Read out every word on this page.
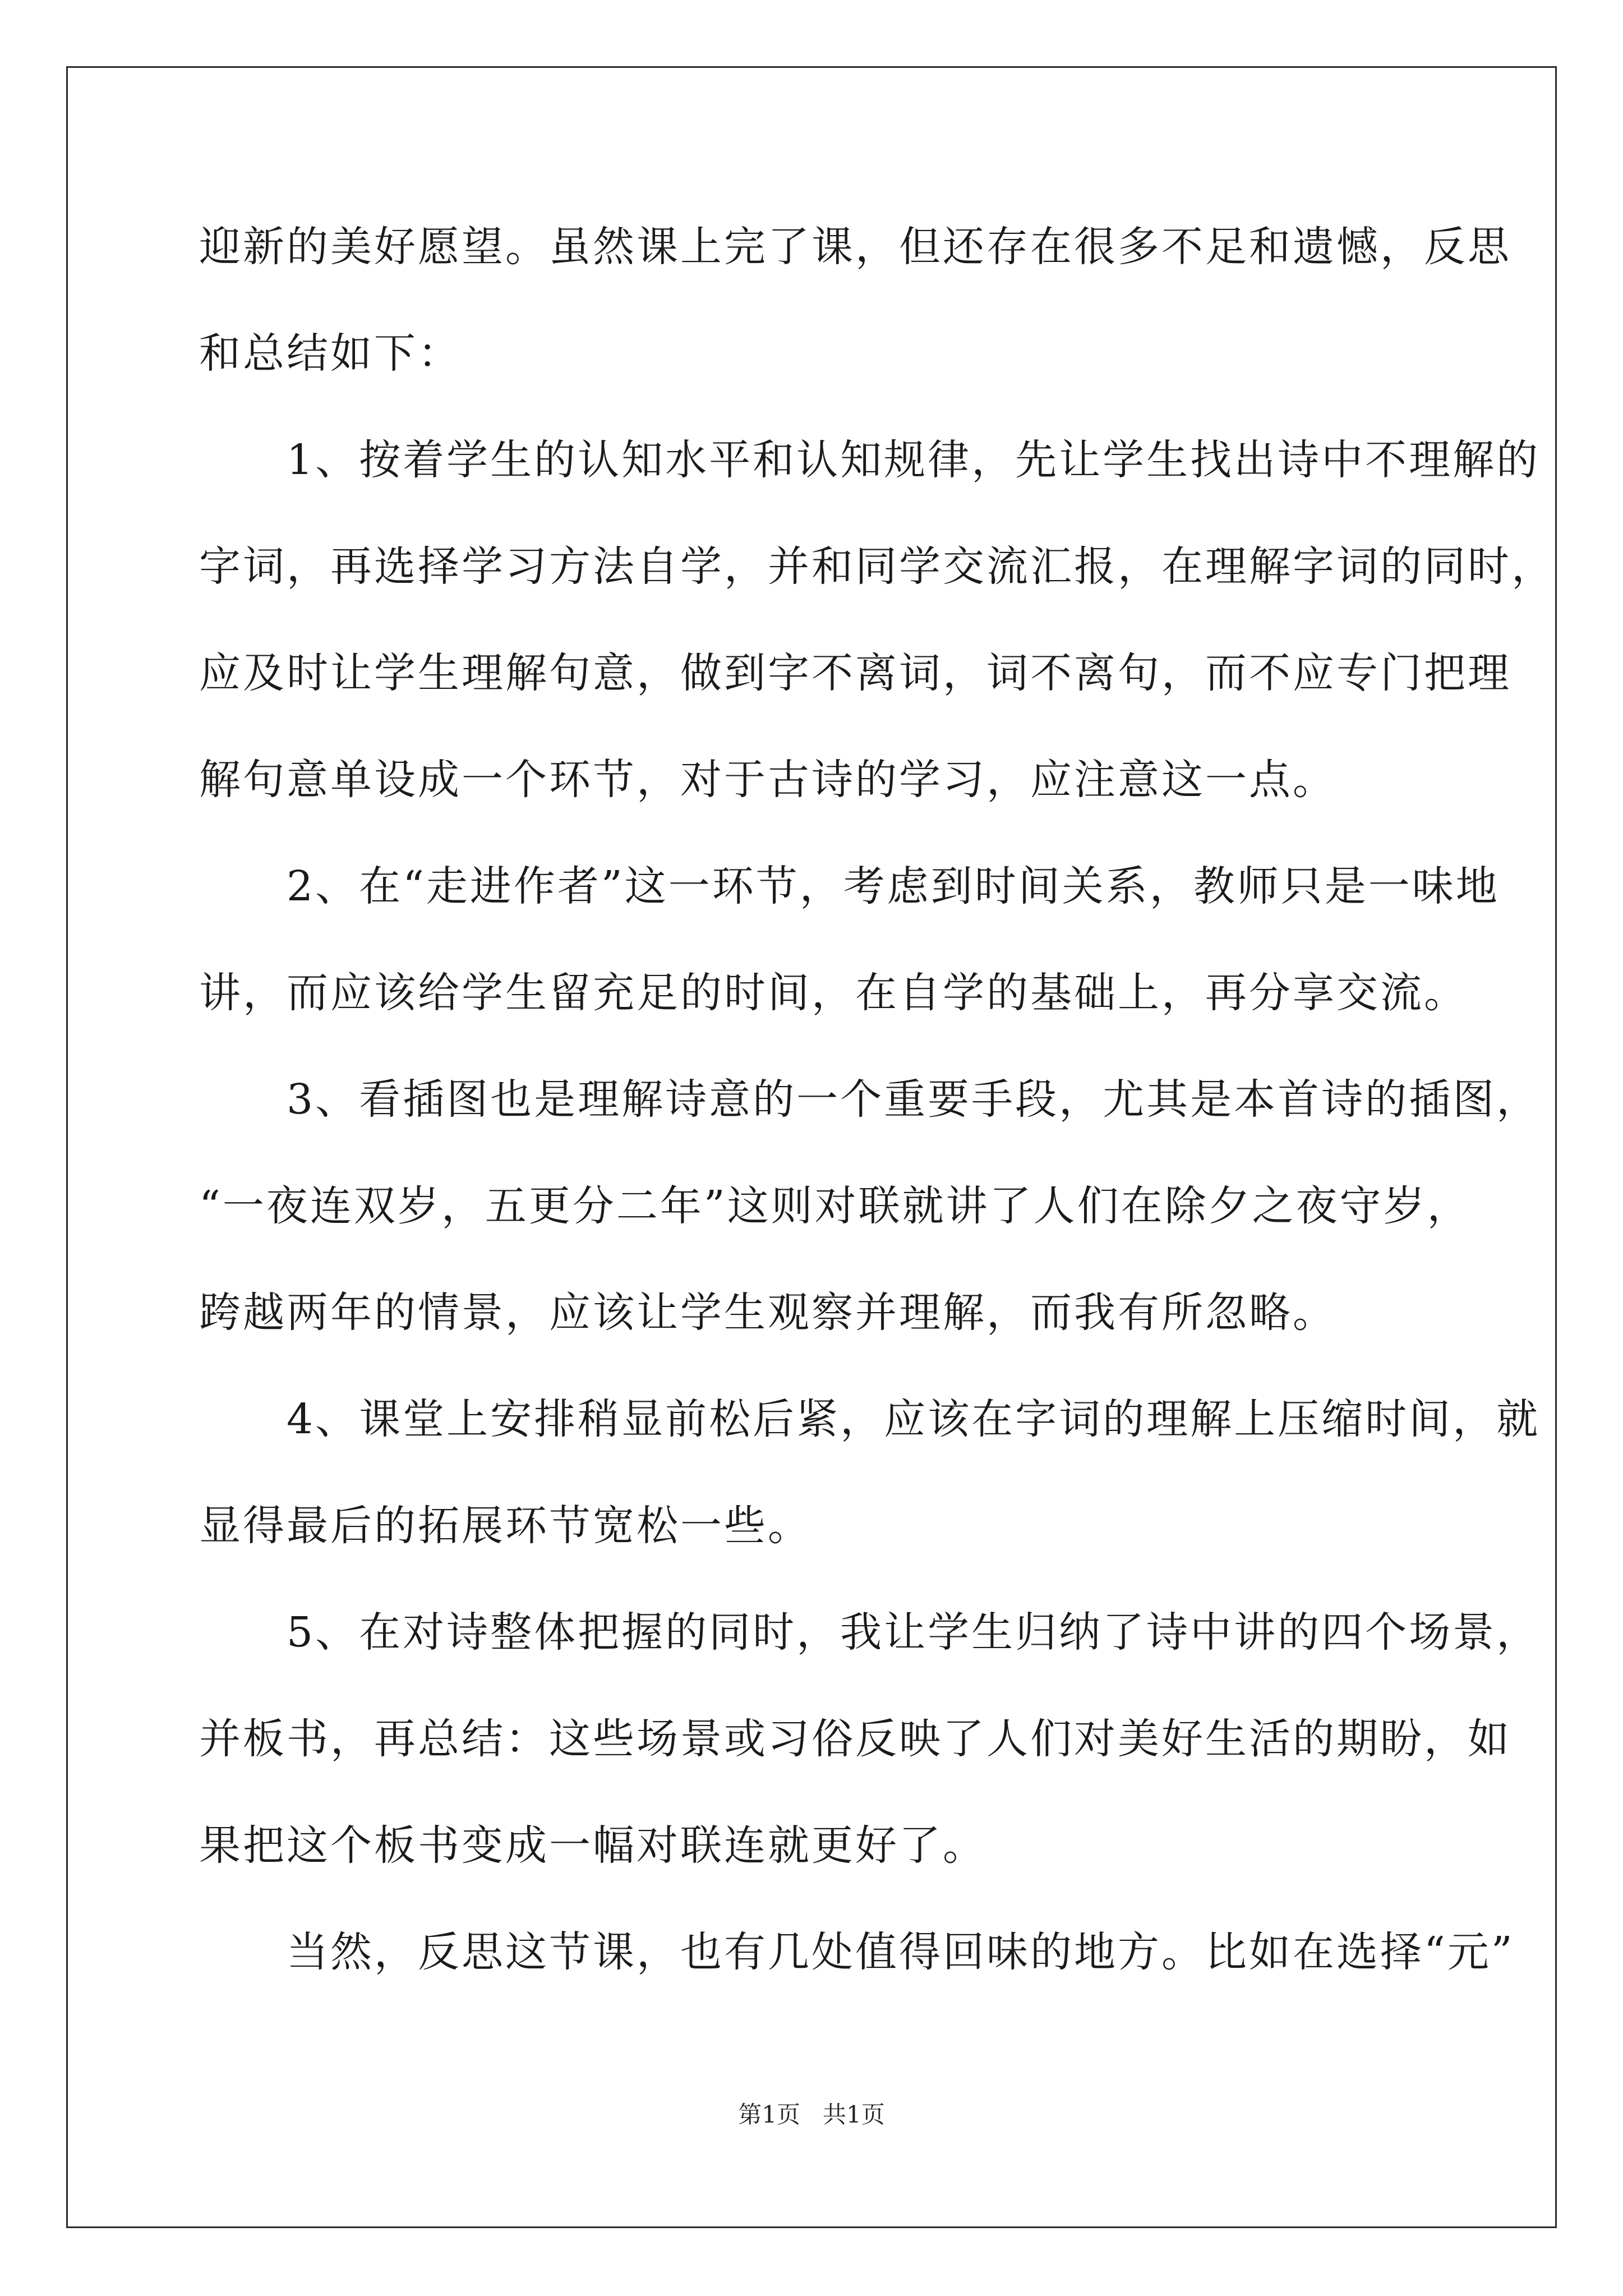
迎新的美好愿望。虽然课上完了课，但还存在很多不足和遗憾，反思
和总结如下：
　　1、按着学生的认知水平和认知规律，先让学生找出诗中不理解的
字词，再选择学习方法自学，并和同学交流汇报，在理解字词的同时，
应及时让学生理解句意，做到字不离词，词不离句，而不应专门把理
解句意单设成一个环节，对于古诗的学习，应注意这一点。
　　2、在“走进作者”这一环节，考虑到时间关系，教师只是一味地
讲，而应该给学生留充足的时间，在自学的基础上，再分享交流。
　　3、看插图也是理解诗意的一个重要手段，尤其是本首诗的插图，
“一夜连双岁，五更分二年”这则对联就讲了人们在除夕之夜守岁，
跨越两年的情景，应该让学生观察并理解，而我有所忽略。
　　4、课堂上安排稍显前松后紧，应该在字词的理解上压缩时间，就
显得最后的拓展环节宽松一些。
　　5、在对诗整体把握的同时，我让学生归纳了诗中讲的四个场景，
并板书，再总结：这些场景或习俗反映了人们对美好生活的期盼，如
果把这个板书变成一幅对联连就更好了。
　　当然，反思这节课，也有几处值得回味的地方。比如在选择“元”
第1页   共1页
